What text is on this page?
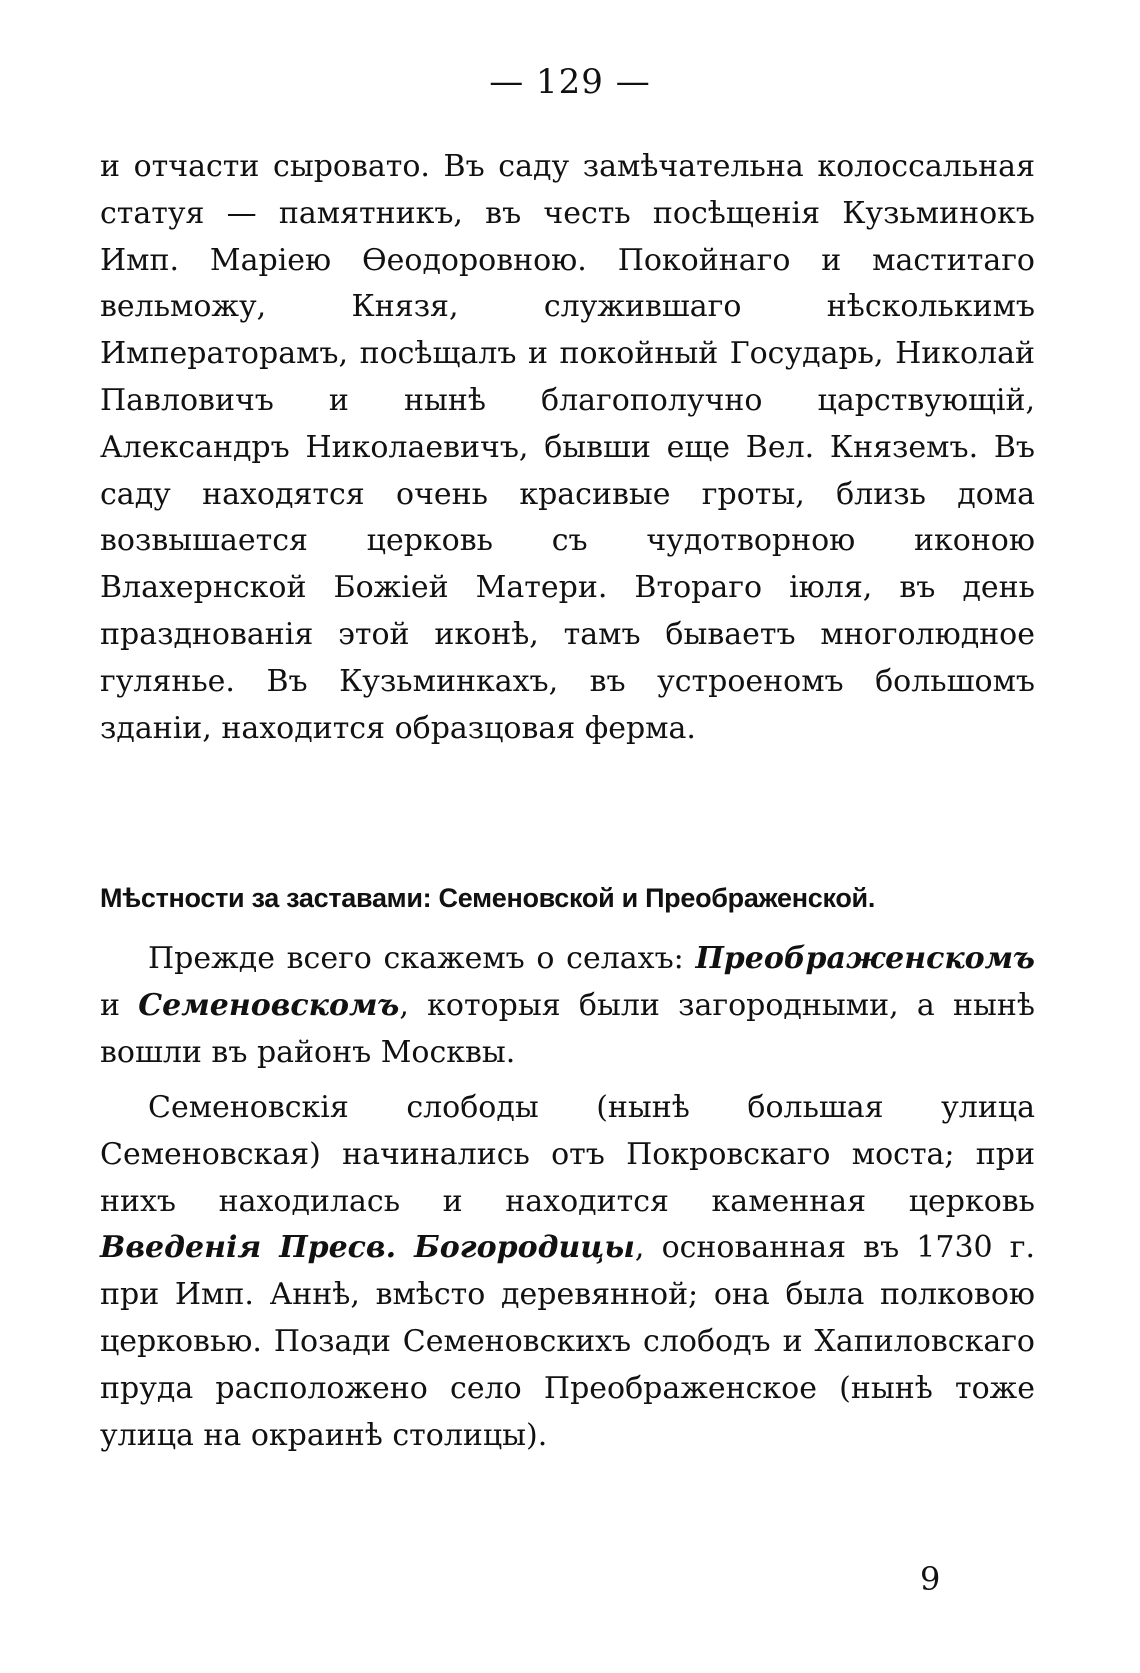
— 129 —

и отчасти сыровато. Въ саду замѣчательна колоссальная статуя — памятникъ, въ честь посѣщенія Кузьминокъ Имп. Маріею Ѳеодоровною. Покойнаго и маститаго вельможу, Князя, служившаго нѣсколькимъ Императорамъ, посѣщалъ и покойный Государь, Николай Павловичъ и нынѣ благополучно царствующій, Александръ Николаевичъ, бывши еще Вел. Княземъ. Въ саду находятся очень красивые гроты, близь дома возвышается церковь съ чудотворною иконою Влахернской Божіей Матери. Втораго іюля, въ день празднованія этой иконѣ, тамъ бываетъ многолюдное гулянье. Въ Кузьминкахъ, въ устроеномъ большомъ зданіи, находится образцовая ферма.

Мѣстности за заставами: Семеновской и Преображенской.

Прежде всего скажемъ о селахъ: Преображенскомъ и Семеновскомъ, которыя были загородными, а нынѣ вошли въ районъ Москвы.

Семеновскія слободы (нынѣ большая улица Семеновская) начинались отъ Покровскаго моста; при нихъ находилась и находится каменная церковь Введенія Пресв. Богородицы, основанная въ 1730 г. при Имп. Аннѣ, вмѣсто деревянной; она была полковою церковью. Позади Семеновскихъ слободъ и Хапиловскаго пруда расположено село Преображенское (нынѣ тоже улица на окраинѣ столицы).

9
